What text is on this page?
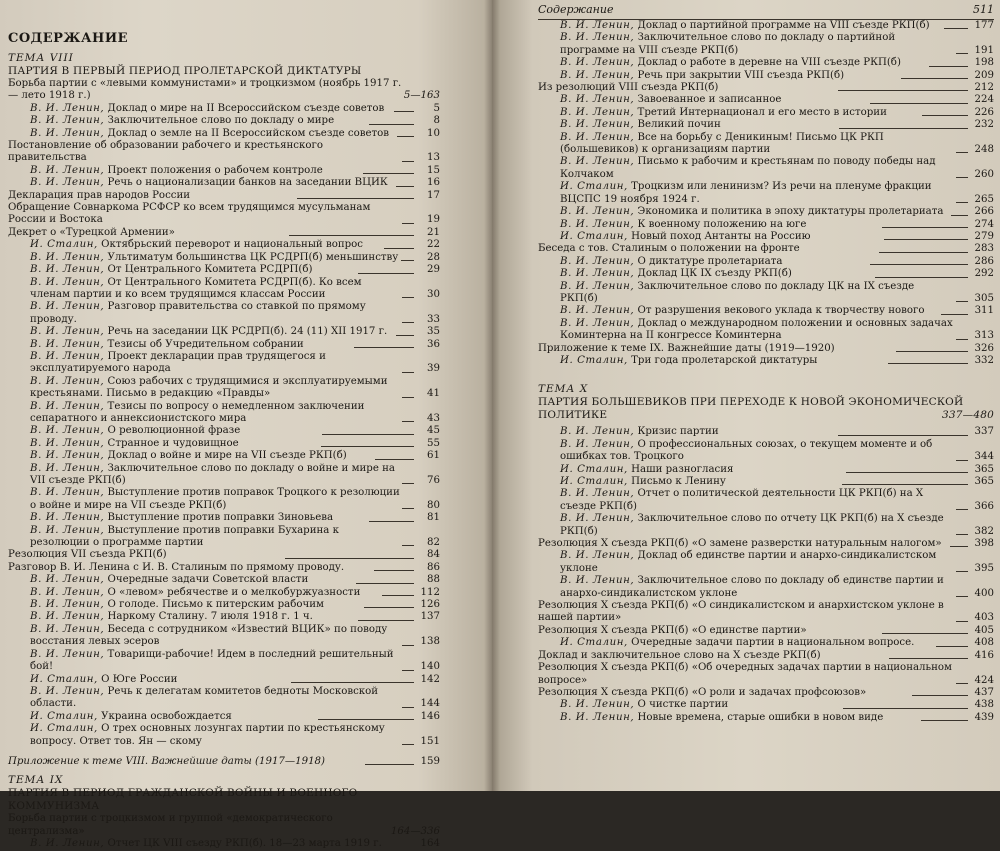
СОДЕРЖАНИЕ
ТЕМА VIII
ПАРТИЯ В ПЕРВЫЙ ПЕРИОД ПРОЛЕТАРСКОЙ ДИКТАТУРЫ
Борьба партии с «левыми коммунистами» и троцкизмом (ноябрь 1917 г. — лето 1918 г.)	5—163
В. И. Ленин, Доклад о мире на II Всероссийском съезде советов	5
В. И. Ленин, Заключительное слово по докладу о мире	8
В. И. Ленин, Доклад о земле на II Всероссийском съезде советов	10
Постановление об образовании рабочего и крестьянского правительства	13
В. И. Ленин, Проект положения о рабочем контроле	15
В. И. Ленин, Речь о национализации банков на заседании ВЦИК	16
Декларация прав народов России	17
Обращение Совнаркома РСФСР ко всем трудящимся мусульманам России и Востока	19
Декрет о «Турецкой Армении»	21
И. Сталин, Октябрьский переворот и национальный вопрос	22
В. И. Ленин, Ультиматум большинства ЦК РСДРП(б) меньшинству	28
В. И. Ленин, От Центрального Комитета РСДРП(б)	29
В. И. Ленин, От Центрального Комитета РСДРП(б). Ко всем членам партии и ко всем трудящимся классам России	30
В. И. Ленин, Разговор правительства со ставкой по прямому проводу.	33
В. И. Ленин, Речь на заседании ЦК РСДРП(б). 24 (11) XII 1917 г.	35
В. И. Ленин, Тезисы об Учредительном собрании	36
В. И. Ленин, Проект декларации прав трудящегося и эксплуатируемого народа	39
В. И. Ленин, Союз рабочих с трудящимися и эксплуатируемыми крестьянами. Письмо в редакцию «Правды»	41
В. И. Ленин, Тезисы по вопросу о немедленном заключении сепаратного и аннексионистского мира	43
В. И. Ленин, О революционной фразе	45
В. И. Ленин, Странное и чудовищное	55
В. И. Ленин, Доклад о войне и мире на VII съезде РКП(б)	61
В. И. Ленин, Заключительное слово по докладу о войне и мире на VII съезде РКП(б)	76
В. И. Ленин, Выступление против поправок Троцкого к резолюции о войне и мире на VII съезде РКП(б)	80
В. И. Ленин, Выступление против поправки Зиновьева	81
В. И. Ленин, Выступление против поправки Бухарина к резолюции о программе партии	82
Резолюция VII съезда РКП(б)	84
Разговор В. И. Ленина с И. В. Сталиным по прямому проводу.	86
В. И. Ленин, Очередные задачи Советской власти	88
В. И. Ленин, О «левом» ребячестве и о мелкобуржуазности	112
В. И. Ленин, О голоде. Письмо к питерским рабочим	126
В. И. Ленин, Наркому Сталину. 7 июля 1918 г. 1 ч.	137
В. И. Ленин, Беседа с сотрудником «Известий ВЦИК» по поводу восстания левых эсеров	138
В. И. Ленин, Товарищи-рабочие! Идем в последний решительный бой!	140
И. Сталин, О Юге России	142
В. И. Ленин, Речь к делегатам комитетов бедноты Московской области.	144
И. Сталин, Украина освобождается	146
И. Сталин, О трех основных лозунгах партии по крестьянскому вопросу. Ответ тов. Ян — скому	151
Приложение к теме VIII. Важнейшие даты (1917—1918)	159
ТЕМА IX
ПАРТИЯ В ПЕРИОД ГРАЖДАНСКОЙ ВОЙНЫ И ВОЕННОГО КОММУНИЗМА
Борьба партии с троцкизмом и группой «демократического централизма»	164—336
В. И. Ленин, Отчет ЦК VIII съезду РКП(б). 18—23 марта 1919 г.	164
Содержание	511
В. И. Ленин, Доклад о партийной программе на VIII съезде РКП(б)	177
В. И. Ленин, Заключительное слово по докладу о партийной программе на VIII съезде РКП(б)	191
В. И. Ленин, Доклад о работе в деревне на VIII съезде РКП(б)	198
В. И. Ленин, Речь при закрытии VIII съезда РКП(б)	209
Из резолюций VIII съезда РКП(б)	212
В. И. Ленин, Завоеванное и записанное	224
В. И. Ленин, Третий Интернационал и его место в истории	226
В. И. Ленин, Великий почин	232
В. И. Ленин, Все на борьбу с Деникиным! Письмо ЦК РКП (большевиков) к организациям партии	248
В. И. Ленин, Письмо к рабочим и крестьянам по поводу победы над Колчаком	260
И. Сталин, Троцкизм или ленинизм? Из речи на пленуме фракции ВЦСПС 19 ноября 1924 г.	265
В. И. Ленин, Экономика и политика в эпоху диктатуры пролетариата	266
В. И. Ленин, К военному положению на юге	274
И. Сталин, Новый поход Антанты на Россию	279
Беседа с тов. Сталиным о положении на фронте	283
В. И. Ленин, О диктатуре пролетариата	286
В. И. Ленин, Доклад ЦК IX съезду РКП(б)	292
В. И. Ленин, Заключительное слово по докладу ЦК на IX съезде РКП(б)	305
В. И. Ленин, От разрушения векового уклада к творчеству нового	311
В. И. Ленин, Доклад о международном положении и основных задачах Коминтерна на II конгрессе Коминтерна	313
Приложение к теме IX. Важнейшие даты (1919—1920)	326
И. Сталин, Три года пролетарской диктатуры	332
ТЕМА X
ПАРТИЯ БОЛЬШЕВИКОВ ПРИ ПЕРЕХОДЕ К НОВОЙ ЭКОНОМИЧЕСКОЙ ПОЛИТИКЕ	337—480
В. И. Ленин, Кризис партии	337
В. И. Ленин, О профессиональных союзах, о текущем моменте и об ошибках тов. Троцкого	344
И. Сталин, Наши разногласия	365
И. Сталин, Письмо к Ленину	365
В. И. Ленин, Отчет о политической деятельности ЦК РКП(б) на X съезде РКП(б)	366
В. И. Ленин, Заключительное слово по отчету ЦК РКП(б) на X съезде РКП(б)	382
Резолюция X съезда РКП(б) «О замене разверстки натуральным налогом»	398
В. И. Ленин, Доклад об единстве партии и анархо-синдикалистском уклоне	395
В. И. Ленин, Заключительное слово по докладу об единстве партии и анархо-синдикалистском уклоне	400
Резолюция X съезда РКП(б) «О синдикалистском и анархистском уклоне в нашей партии»	403
Резолюция X съезда РКП(б) «О единстве партии»	405
И. Сталин, Очередные задачи партии в национальном вопросе.	408
Доклад и заключительное слово на X съезде РКП(б)	416
Резолюция X съезда РКП(б) «Об очередных задачах партии в национальном вопросе»	424
Резолюция X съезда РКП(б) «О роли и задачах профсоюзов»	437
В. И. Ленин, О чистке партии	438
В. И. Ленин, Новые времена, старые ошибки в новом виде	439
